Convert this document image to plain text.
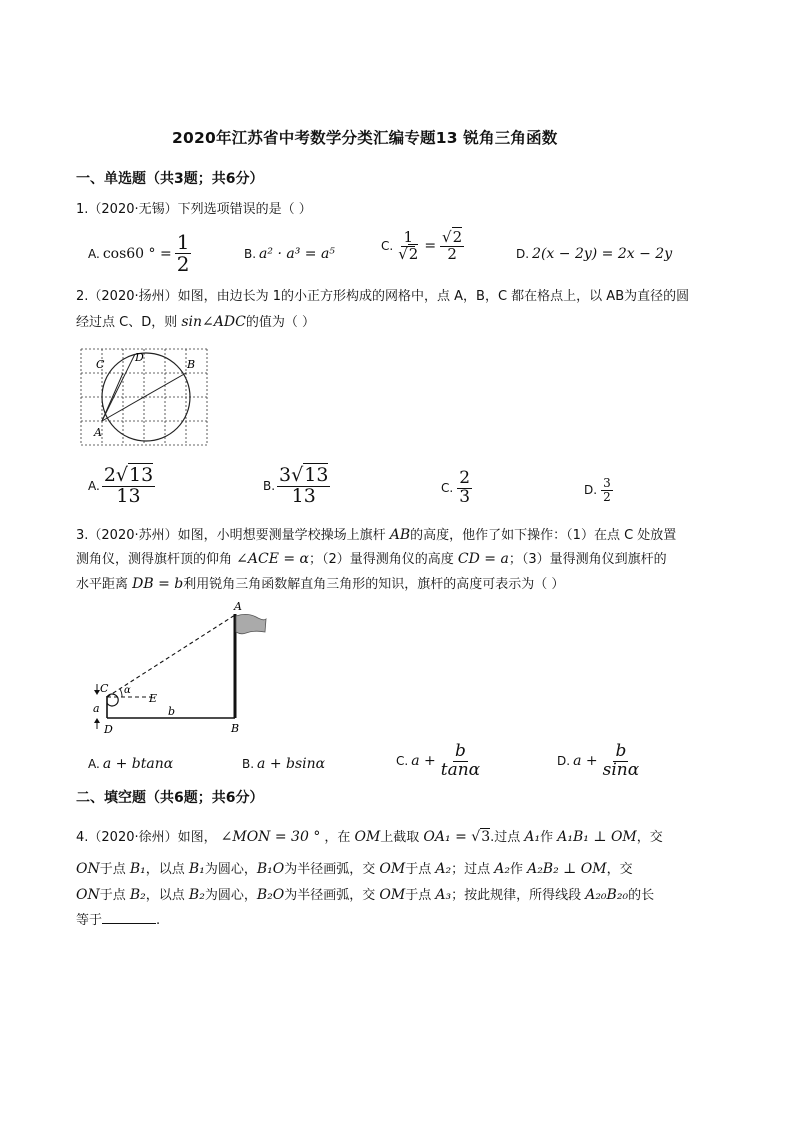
2020年江苏省中考数学分类汇编专题13 锐角三角函数
一、单选题（共3题；共6分）
1.（2020·无锡）下列选项错误的是（ ）
A. cos60 ° = $\frac{1}{2}$	B. a² · a³ = a⁵	C. $\frac{1}{√2} = \frac{√2}{2}$	D. 2(x − 2y) = 2x − 2y
2.（2020·扬州）如图，由边长为 1的小正方形构成的网格中，点 A，B，C 都在格点上，以 AB为直径的圆
经过点 C、D，则 sin∠ADC的值为（ ）
C
D
B
A
A. $\frac{2√13}{13}$	B. $\frac{3√13}{13}$	C. $\frac{2}{3}$	D. $\frac{3}{2}$
3.（2020·苏州）如图，小明想要测量学校操场上旗杆 AB的高度，他作了如下操作：（1）在点 C 处放置
测角仪，测得旗杆顶的仰角 ∠ACE = α；（2）量得测角仪的高度 CD = a；（3）量得测角仪到旗杆的
水平距离 DB = b利用锐角三角函数解直角三角形的知识，旗杆的高度可表示为（ ）
A
C α
E
a	b
D	B
A. a + btanα	B. a + bsinα	C. $a + \frac{b}{\tan\alpha}$	D. $a + \frac{b}{\sin\alpha}$
二、填空题（共6题；共6分）
4.（2020·徐州）如图， ∠MON = 30 ° ，在 OM上截取 OA₁ = √3.过点 A₁作 A₁B₁ ⊥ OM，交
ON于点 B₁，以点 B₁为圆心，B₁O为半径画弧，交 OM于点 A₂；过点 A₂作 A₂B₂ ⊥ OM，交
ON于点 B₂，以点 B₂为圆心，B₂O为半径画弧，交 OM于点 A₃；按此规律，所得线段 A₂₀B₂₀的长
等于	.
